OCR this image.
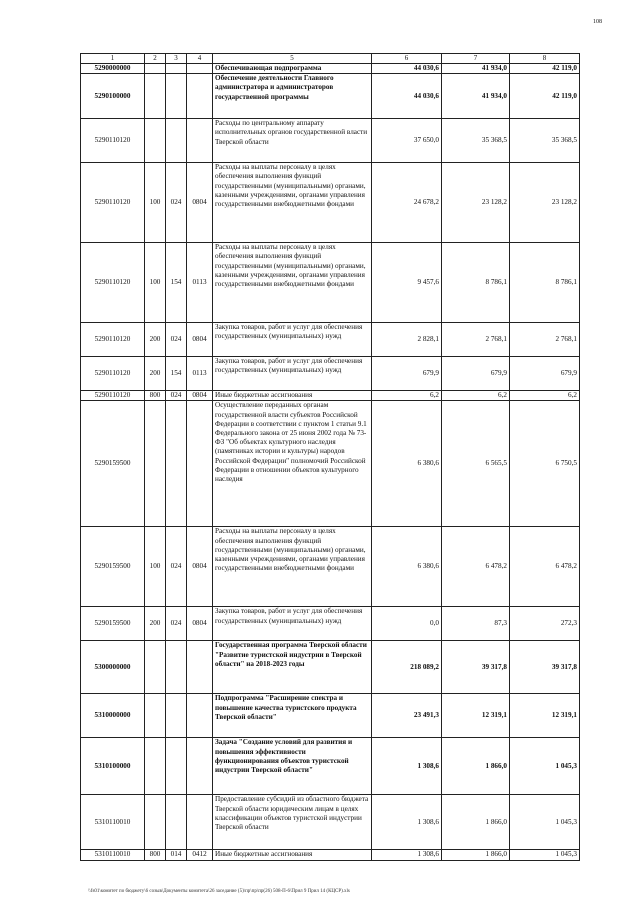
108
1	2	3	4	5	6	7	8
5290000000				Обеспечивающая подпрограмма	44 030,6	41 934,0	42 119,0
5290100000				Обеспечение деятельности Главного администратора и администраторов государственной программы	44 030,6	41 934,0	42 119,0
5290110120				Расходы по центральному аппарату исполнительных органов государственной власти Тверской области	37 650,0	35 368,5	35 368,5
5290110120	100	024	0804	Расходы на выплаты персоналу в целях обеспечения выполнения функций государственными (муниципальными) органами, казенными учреждениями, органами управления государственными внебюджетными фондами	24 678,2	23 128,2	23 128,2
5290110120	100	154	0113	Расходы на выплаты персоналу в целях обеспечения выполнения функций государственными (муниципальными) органами, казенными учреждениями, органами управления государственными внебюджетными фондами	9 457,6	8 786,1	8 786,1
5290110120	200	024	0804	Закупка товаров, работ и услуг для обеспечения государственных (муниципальных) нужд	2 828,1	2 768,1	2 768,1
5290110120	200	154	0113	Закупка товаров, работ и услуг для обеспечения государственных (муниципальных) нужд	679,9	679,9	679,9
5290110120	800	024	0804	Иные бюджетные ассигнования	6,2	6,2	6,2
5290159500				Осуществление переданных органам государственной власти субъектов Российской Федерации в соответствии с пунктом 1 статьи 9.1 Федерального закона от 25 июня 2002 года № 73-ФЗ "Об объектах культурного наследия (памятниках истории и культуры) народов Российской Федерации" полномочий Российской Федерации в отношении объектов культурного наследия	6 380,6	6 565,5	6 750,5
5290159500	100	024	0804	Расходы на выплаты персоналу в целях обеспечения выполнения функций государственными (муниципальными) органами, казенными учреждениями, органами управления государственными внебюджетными фондами	6 380,6	6 478,2	6 478,2
5290159500	200	024	0804	Закупка товаров, работ и услуг для обеспечения государственных (муниципальных) нужд	0,0	87,3	272,3
5300000000				Государственная программа Тверской области "Развитие туристской индустрии в Тверской области" на 2018-2023 годы	218 089,2	39 317,8	39 317,8
5310000000				Подпрограмма "Расширение спектра и повышение качества туристского продукта Тверской области"	23 491,3	12 319,1	12 319,1
5310100000				Задача "Создание условий для развития и повышения эффективности функционирования объектов туристской индустрии Тверской области"	1 308,6	1 866,0	1 045,3
5310110010				Предоставление субсидий из областного бюджета Тверской области юридическим лицам в целях классификации объектов туристской индустрии Тверской области	1 308,6	1 866,0	1 045,3
5310110010	800	014	0412	Иные бюджетные ассигнования	1 308,6	1 866,0	1 045,3
\\fs01\комитет по бюджету\6 созыв\Документы комитета\26 заседание (5)\пр\пр\пр(26) 508-П-6\Прил 9 Прил 14 (КЦСР).xls
